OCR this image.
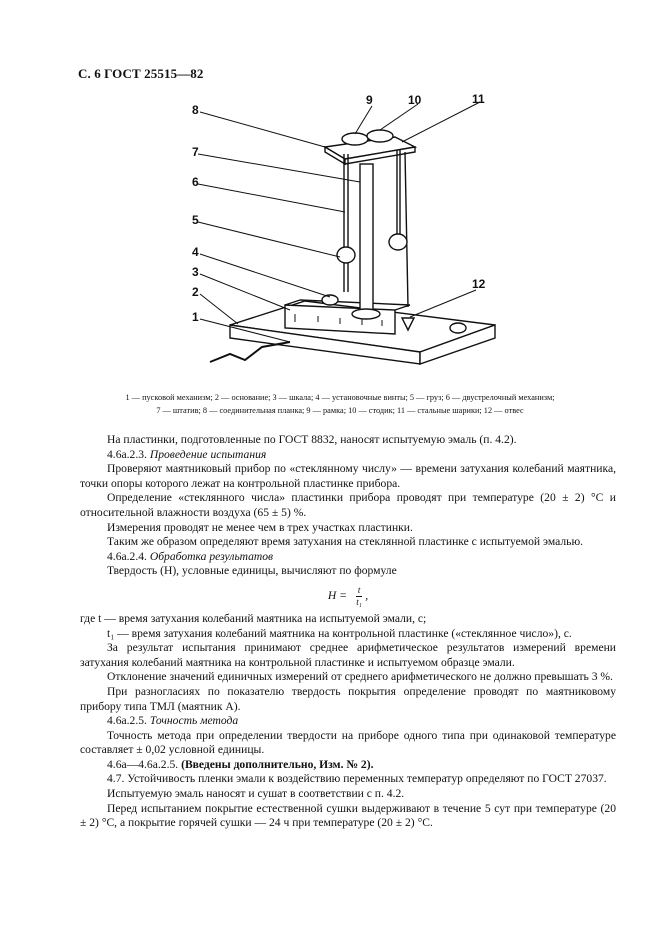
С. 6 ГОСТ 25515—82
8
9	10	11
7
6
5
4
3
2
1
12
1 — пусковой механизм; 2 — основание; 3 — шкала; 4 — установочные винты; 5 — груз; 6 — двустрелочный механизм;
7 — штатив; 8 — соединительная планка; 9 — рамка; 10 — стодик; 11 — стальные шарики; 12 — отвес

На пластинки, подготовленные по ГОСТ 8832, наносят испытуемую эмаль (п. 4.2).

4.6а.2.3. Проведение испытания

Проверяют маятниковый прибор по «стеклянному числу» — времени затухания колебаний маятника, точки опоры которого лежат на контрольной пластинке прибора.

Определение «стеклянного числа» пластинки прибора проводят при температуре (20 ± 2) °С и относительной влажности воздуха (65 ± 5) %.

Измерения проводят не менее чем в трех участках пластинки.

Таким же образом определяют время затухания на стеклянной пластинке с испытуемой эмалью.

4.6а.2.4. Обработка результатов

Твердость (Н), условные единицы, вычисляют по формуле

$H = \frac{t}{\text{t₁}}$ ,

где t — время затухания колебаний маятника на испытуемой эмали, с;

t₁ — время затухания колебаний маятника на контрольной пластинке («стеклянное число»), с.

За результат испытания принимают среднее арифметическое результатов измерений времени затухания колебаний маятника на контрольной пластинке и испытуемом образце эмали.

Отклонение значений единичных измерений от среднего арифметического не должно превышать 3 %.

При разногласиях по показателю твердость покрытия определение проводят по маятниковому прибору типа ТМЛ (маятник А).

4.6а.2.5. Точность метода

Точность метода при определении твердости на приборе одного типа при одинаковой температуре составляет ± 0,02 условной единицы.

4.6а—4.6а.2.5. (Введены дополнительно, Изм. № 2).

4.7. Устойчивость пленки эмали к воздействию переменных температур определяют по ГОСТ 27037.

Испытуемую эмаль наносят и сушат в соответствии с п. 4.2.

Перед испытанием покрытие естественной сушки выдерживают в течение 5 сут при температуре (20 ± 2) °С, а покрытие горячей сушки — 24 ч при температуре (20 ± 2) °С.
